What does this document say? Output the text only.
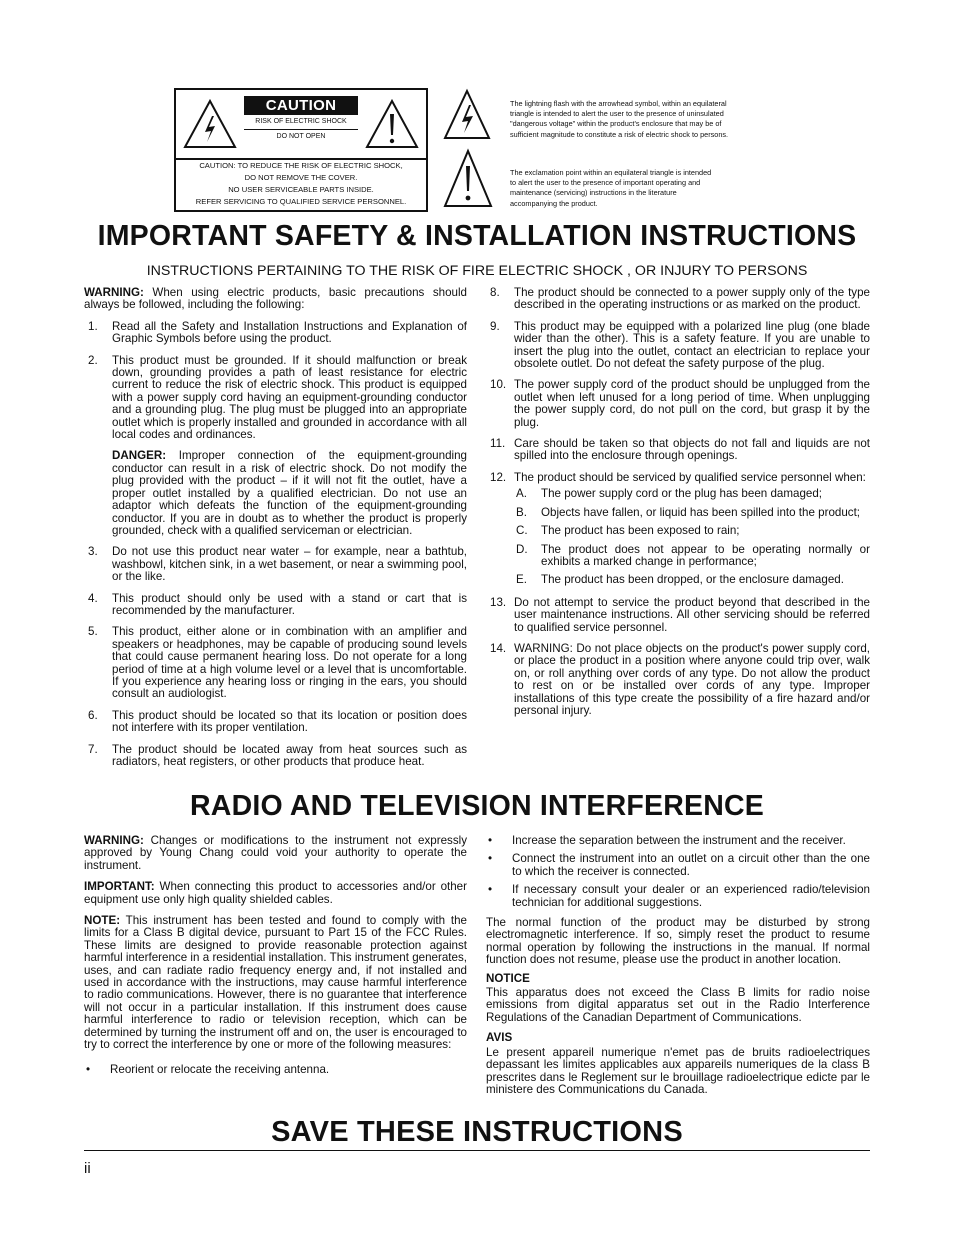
CAUTION
RISK OF ELECTRIC SHOCK
DO NOT OPEN
CAUTION: TO REDUCE THE RISK OF ELECTRIC SHOCK,
DO NOT REMOVE THE COVER.
NO USER SERVICEABLE PARTS INSIDE.
REFER SERVICING TO QUALIFIED SERVICE PERSONNEL.
The lightning flash with the arrowhead symbol, within an equilateral
triangle is intended to alert the user to the presence of uninsulated
"dangerous voltage" within the product's enclosure that may be of
sufficient magnitude to constitute a risk of electric shock to persons.
The exclamation point within an equilateral triangle is intended
to alert the user to the presence of important operating and
maintenance (servicing) instructions in the literature
accompanying the product.
IMPORTANT SAFETY & INSTALLATION INSTRUCTIONS
INSTRUCTIONS PERTAINING TO THE RISK OF FIRE ELECTRIC SHOCK , OR INJURY TO PERSONS

WARNING: When using electric products, basic precautions should always be followed, including the following:

1.	Read all the Safety and Installation Instructions and Explanation of Graphic Symbols before using the product.
2.	This product must be grounded. If it should malfunction or break down, grounding provides a path of least resistance for electric current to reduce the risk of electric shock. This product is equipped with a power supply cord having an equipment-grounding conductor and a grounding plug. The plug must be plugged into an appropriate outlet which is properly installed and grounded in accordance with all local codes and ordinances.
DANGER: Improper connection of the equipment-grounding conductor can result in a risk of electric shock. Do not modify the plug provided with the product – if it will not fit the outlet, have a proper outlet installed by a qualified electrician. Do not use an adaptor which defeats the function of the equipment-grounding conductor. If you are in doubt as to whether the product is properly grounded, check with a qualified serviceman or electrician.
3.	Do not use this product near water – for example, near a bathtub, washbowl, kitchen sink, in a wet basement, or near a swimming pool, or the like.
4.	This product should only be used with a stand or cart that is recommended by the manufacturer.
5.	This product, either alone or in combination with an amplifier and speakers or headphones, may be capable of producing sound levels that could cause permanent hearing loss. Do not operate for a long period of time at a high volume level or a level that is uncomfortable. If you experience any hearing loss or ringing in the ears, you should consult an audiologist.
6.	This product should be located so that its location or position does not interfere with its proper ventilation.
7.	The product should be located away from heat sources such as radiators, heat registers, or other products that produce heat.
8.	The product should be connected to a power supply only of the type described in the operating instructions or as marked on the product.
9.	This product may be equipped with a polarized line plug (one blade wider than the other). This is a safety feature. If you are unable to insert the plug into the outlet, contact an electrician to replace your obsolete outlet. Do not defeat the safety purpose of the plug.
10. The power supply cord of the product should be unplugged from the outlet when left unused for a long period of time. When unplugging the power supply cord, do not pull on the cord, but grasp it by the plug.
11. Care should be taken so that objects do not fall and liquids are not spilled into the enclosure through openings.
12. The product should be serviced by qualified service personnel when:
A.	The power supply cord or the plug has been damaged;
B.	Objects have fallen, or liquid has been spilled into the product;
C.	The product has been exposed to rain;
D.	The product does not appear to be operating normally or exhibits a marked change in performance;
E.	The product has been dropped, or the enclosure damaged.
13. Do not attempt to service the product beyond that described in the user maintenance instructions. All other servicing should be referred to qualified service personnel.
14. WARNING: Do not place objects on the product's power supply cord, or place the product in a position where anyone could trip over, walk on, or roll anything over cords of any type. Do not allow the product to rest on or be installed over cords of any type. Improper installations of this type create the possibility of a fire hazard and/or personal injury.
RADIO AND TELEVISION INTERFERENCE

WARNING: Changes or modifications to the instrument not expressly approved by Young Chang could void your authority to operate the instrument.

IMPORTANT: When connecting this product to accessories and/or other equipment use only high quality shielded cables.

NOTE: This instrument has been tested and found to comply with the limits for a Class B digital device, pursuant to Part 15 of the FCC Rules. These limits are designed to provide reasonable protection against harmful interference in a residential installation. This instrument generates, uses, and can radiate radio frequency energy and, if not installed and used in accordance with the instructions, may cause harmful interference to radio communications. However, there is no guarantee that interference will not occur in a particular installation. If this instrument does cause harmful interference to radio or television reception, which can be determined by turning the instrument off and on, the user is encouraged to try to correct the interference by one or more of the following measures:

•	Reorient or relocate the receiving antenna.
•	Increase the separation between the instrument and the receiver.
•	Connect the instrument into an outlet on a circuit other than the one to which the receiver is connected.
•	If necessary consult your dealer or an experienced radio/television technician for additional suggestions.

The normal function of the product may be disturbed by strong electromagnetic interference. If so, simply reset the product to resume normal operation by following the instructions in the manual. If normal function does not resume, please use the product in another location.

NOTICE

This apparatus does not exceed the Class B limits for radio noise emissions from digital apparatus set out in the Radio Interference Regulations of the Canadian Department of Communications.

AVIS

Le present appareil numerique n'emet pas de bruits radioelectriques depassant les limites applicables aux appareils numeriques de la class B prescrites dans le Reglement sur le brouillage radioelectrique edicte par le ministere des Communications du Canada.

SAVE THESE INSTRUCTIONS
ii
